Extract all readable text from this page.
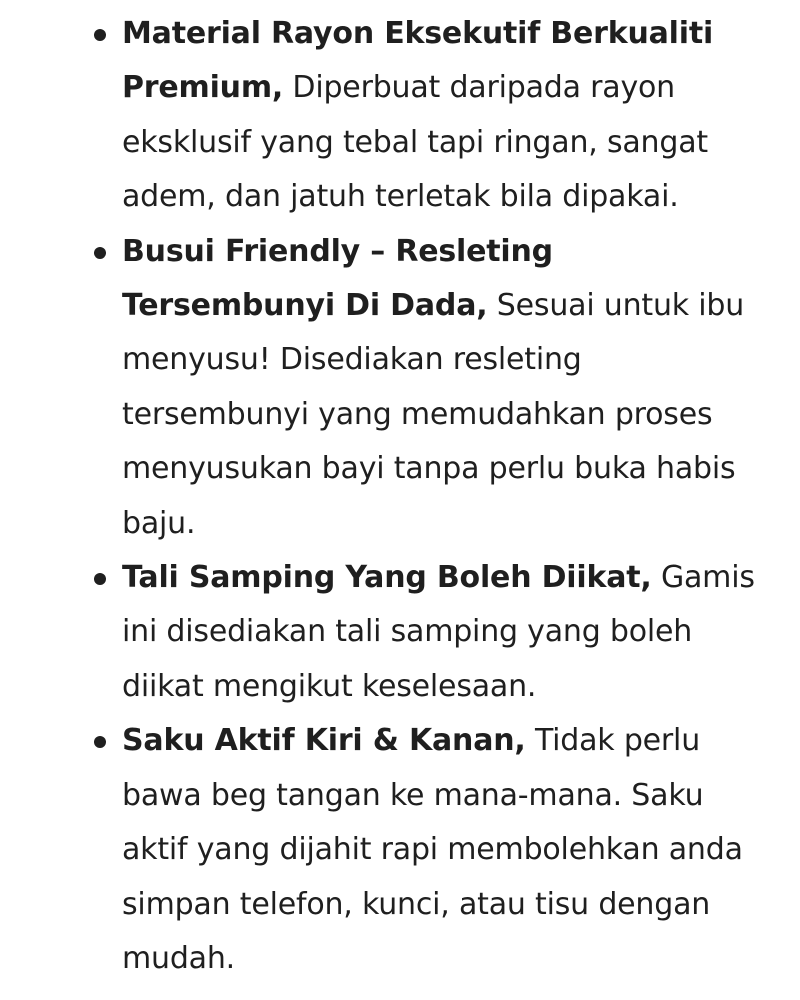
Material Rayon Eksekutif Berkualiti Premium, Diperbuat daripada rayon eksklusif yang tebal tapi ringan, sangat adem, dan jatuh terletak bila dipakai.
Busui Friendly – Resleting Tersembunyi Di Dada, Sesuai untuk ibu menyusu! Disediakan resleting tersembunyi yang memudahkan proses menyusukan bayi tanpa perlu buka habis baju.
Tali Samping Yang Boleh Diikat, Gamis ini disediakan tali samping yang boleh diikat mengikut keselesaan.
Saku Aktif Kiri & Kanan, Tidak perlu bawa beg tangan ke mana-mana. Saku aktif yang dijahit rapi membolehkan anda simpan telefon, kunci, atau tisu dengan mudah.
